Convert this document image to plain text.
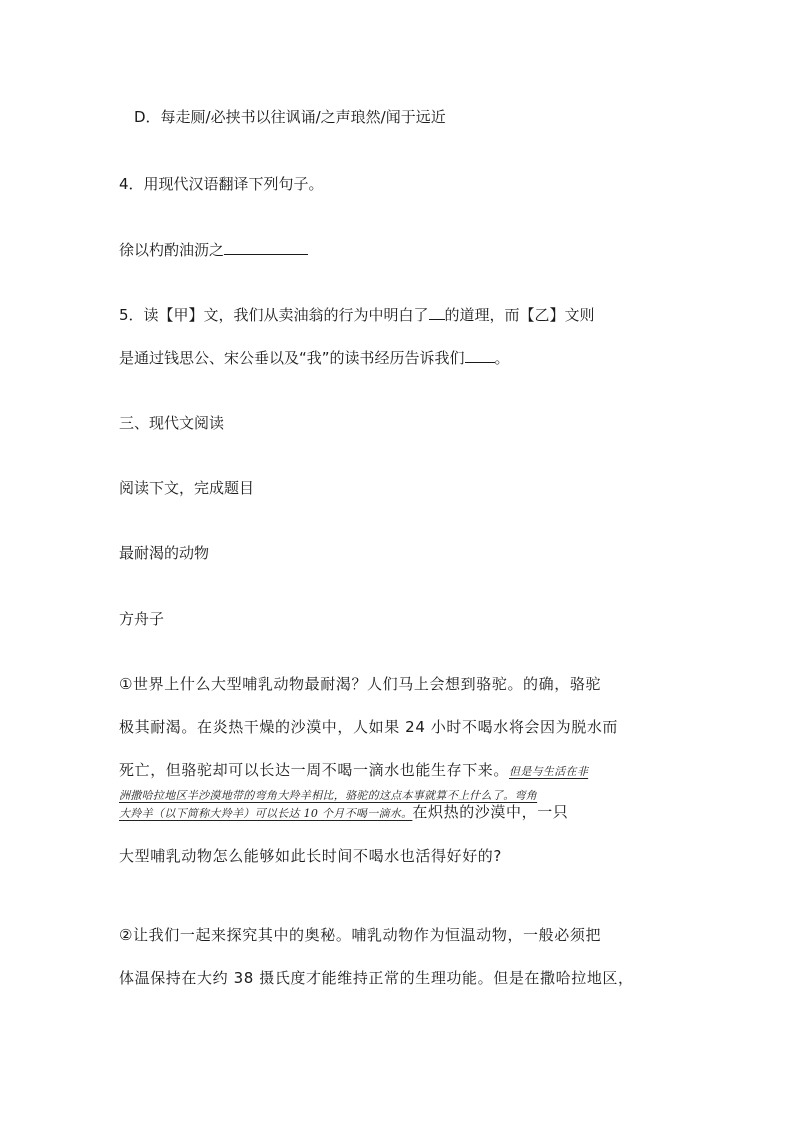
D．每走厕/必挟书以往讽诵/之声琅然/闻于远近
4．用现代汉语翻译下列句子。
徐以杓酌油沥之
5．读【甲】文，我们从卖油翁的行为中明白了 的道理，而【乙】文则
是通过钱思公、宋公垂以及“我”的读书经历告诉我们 。
三、现代文阅读
阅读下文，完成题目
最耐渴的动物
方舟子
①世界上什么大型哺乳动物最耐渴？人们马上会想到骆驼。的确，骆驼
极其耐渴。在炎热干燥的沙漠中，人如果 24 小时不喝水将会因为脱水而
死亡，但骆驼却可以长达一周不喝一滴水也能生存下来。但是与生活在非
洲撒哈拉地区半沙漠地带的弯角大羚羊相比，骆驼的这点本事就算不上什么了。弯角
大羚羊（以下简称大羚羊）可以长达 10 个月不喝一滴水。在炽热的沙漠中，一只
大型哺乳动物怎么能够如此长时间不喝水也活得好好的?
②让我们一起来探究其中的奥秘。哺乳动物作为恒温动物，一般必须把
体温保持在大约 38 摄氏度才能维持正常的生理功能。但是在撒哈拉地区，
